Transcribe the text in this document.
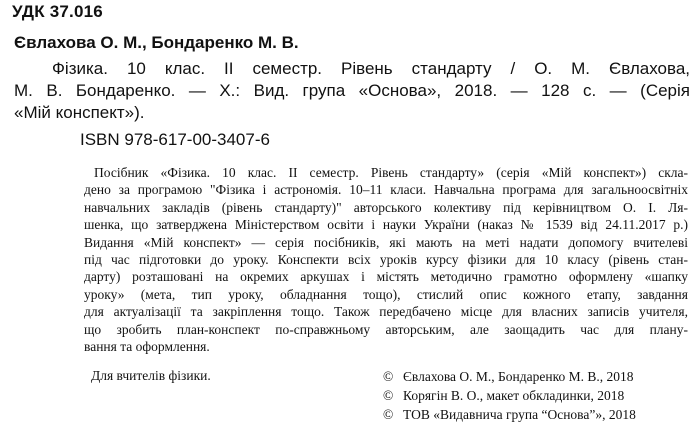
УДК 37.016
Євлахова О. М., Бондаренко М. В.
Фізика. 10 клас. II семестр. Рівень стандарту / О. М. Євлахова,
М. В. Бондаренко. — Х.: Вид. група «Основа», 2018. — 128 с. — (Серія
«Мій конспект»).
ISBN 978-617-00-3407-6
Посібник «Фізика. 10 клас. II семестр. Рівень стандарту» (серія «Мій конспект») скла-
дено за програмою "Фізика і астрономія. 10–11 класи. Навчальна програма для загальноосвітніх
навчальних закладів (рівень стандарту)" авторського колективу під керівництвом О. І. Ля-
шенка, що затверджена Міністерством освіти і науки України (наказ № 1539 від 24.11.2017 р.)
Видання «Мій конспект» — серія посібників, які мають на меті надати допомогу вчителеві
під час підготовки до уроку. Конспекти всіх уроків курсу фізики для 10 класу (рівень стан-
дарту) розташовані на окремих аркушах і містять методично грамотно оформлену «шапку
уроку» (мета, тип уроку, обладнання тощо), стислий опис кожного етапу, завдання
для актуалізації та закріплення тощо. Також передбачено місце для власних записів учителя,
що зробить план-конспект по-справжньому авторським, але заощадить час для плану-
вання та оформлення.
Для вчителів фізики.	© Євлахова О. М., Бондаренко М. В., 2018
© Корягін В. О., макет обкладинки, 2018
© ТОВ «Видавнича група “Основа”», 2018
